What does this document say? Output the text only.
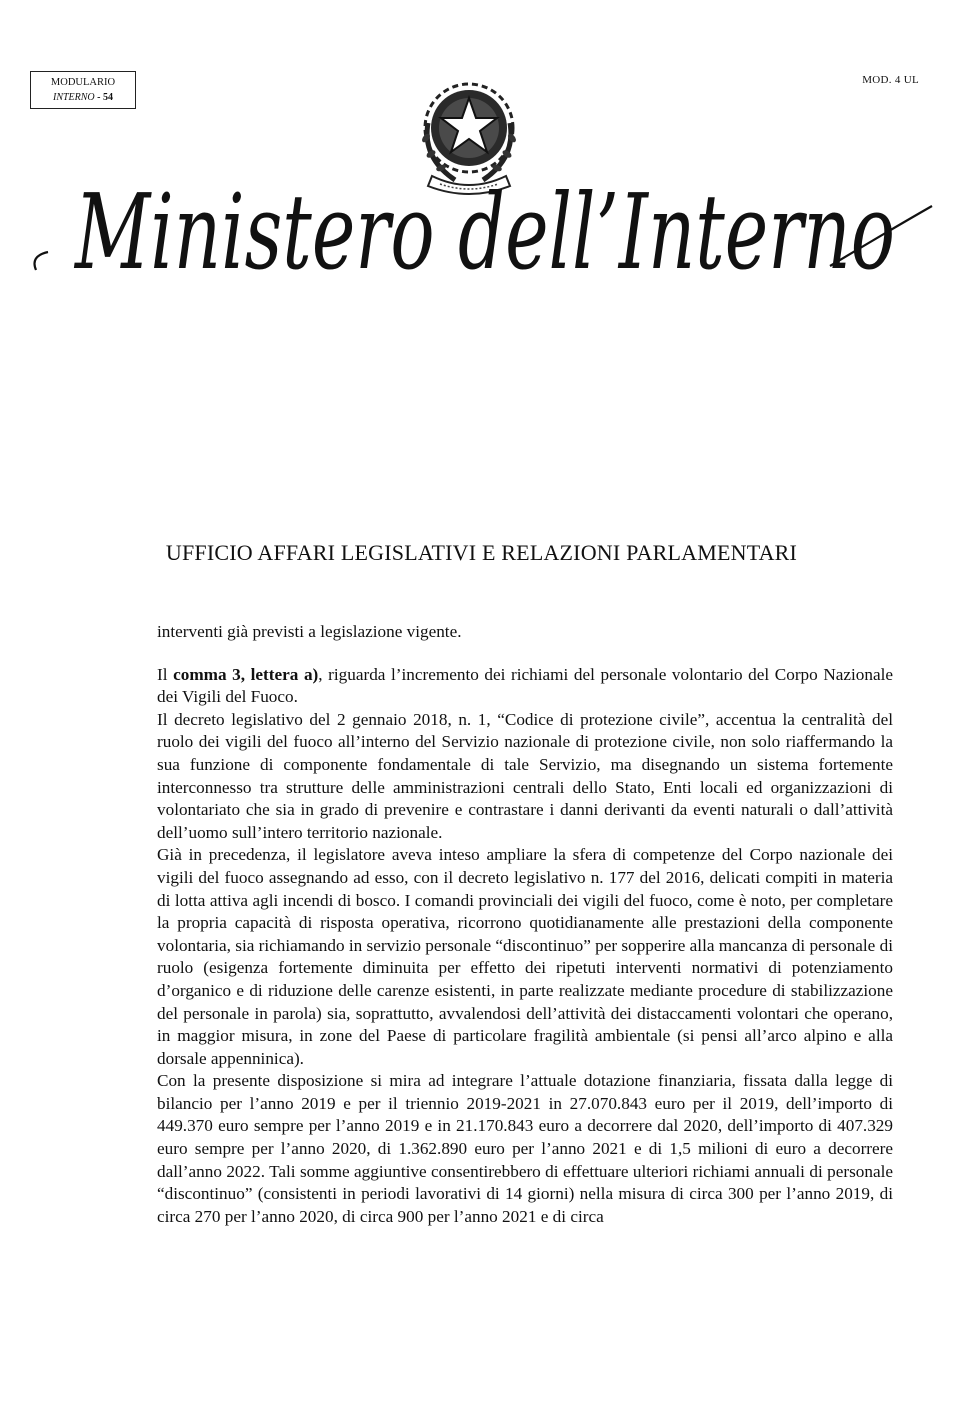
MODULARIO
INTERNO - 54
MOD. 4 UL
Ministero dell’Interno
UFFICIO AFFARI LEGISLATIVI E RELAZIONI PARLAMENTARI

interventi già previsti a legislazione vigente.

Il comma 3, lettera a), riguarda l’incremento dei richiami del personale volontario del Corpo Nazionale dei Vigili del Fuoco.

Il decreto legislativo del 2 gennaio 2018, n. 1, “Codice di protezione civile”, accentua la centralità del ruolo dei vigili del fuoco all’interno del Servizio nazionale di protezione civile, non solo riaffermando la sua funzione di componente fondamentale di tale Servizio, ma disegnando un sistema fortemente interconnesso tra strutture delle amministrazioni centrali dello Stato, Enti locali ed organizzazioni di volontariato che sia in grado di prevenire e contrastare i danni derivanti da eventi naturali o dall’attività dell’uomo sull’intero territorio nazionale.

Già in precedenza, il legislatore aveva inteso ampliare la sfera di competenze del Corpo nazionale dei vigili del fuoco assegnando ad esso, con il decreto legislativo n. 177 del 2016, delicati compiti in materia di lotta attiva agli incendi di bosco. I comandi provinciali dei vigili del fuoco, come è noto, per completare la propria capacità di risposta operativa, ricorrono quotidianamente alle prestazioni della componente volontaria, sia richiamando in servizio personale “discontinuo” per sopperire alla mancanza di personale di ruolo (esigenza fortemente diminuita per effetto dei ripetuti interventi normativi di potenziamento d’organico e di riduzione delle carenze esistenti, in parte realizzate mediante procedure di stabilizzazione del personale in parola) sia, soprattutto, avvalendosi dell’attività dei distaccamenti volontari che operano, in maggior misura, in zone del Paese di particolare fragilità ambientale (si pensi all’arco alpino e alla dorsale appenninica).

Con la presente disposizione si mira ad integrare l’attuale dotazione finanziaria, fissata dalla legge di bilancio per l’anno 2019 e per il triennio 2019-2021 in 27.070.843 euro per il 2019, dell’importo di 449.370 euro sempre per l’anno 2019 e in 21.170.843 euro a decorrere dal 2020, dell’importo di 407.329 euro sempre per l’anno 2020, di 1.362.890 euro per l’anno 2021 e di 1,5 milioni di euro a decorrere dall’anno 2022. Tali somme aggiuntive consentirebbero di effettuare ulteriori richiami annuali di personale “discontinuo” (consistenti in periodi lavorativi di 14 giorni) nella misura di circa 300 per l’anno 2019, di circa 270 per l’anno 2020, di circa 900 per l’anno 2021 e di circa
